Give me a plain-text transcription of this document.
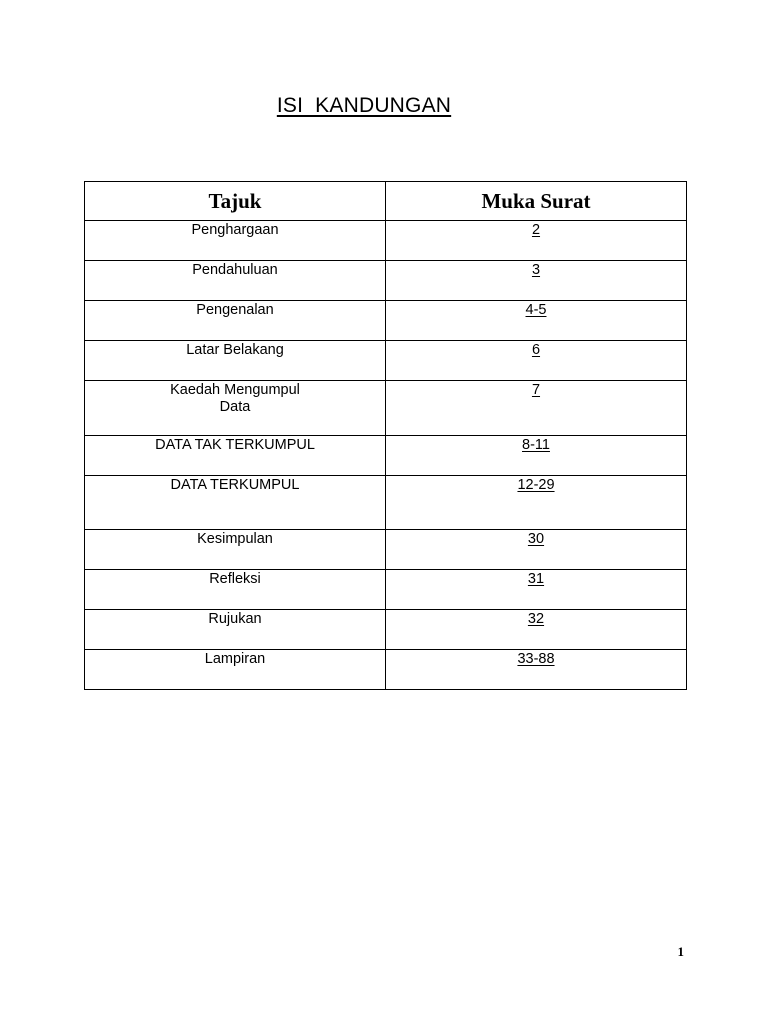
ISI  KANDUNGAN
Tajuk	Muka Surat
Penghargaan	2
Pendahuluan	3
Pengenalan	4-5
Latar Belakang	6
Kaedah Mengumpul
Data	7
DATA TAK TERKUMPUL	8-11
DATA TERKUMPUL	12-29
Kesimpulan	30
Refleksi	31
Rujukan	32
Lampiran	33-88
1
